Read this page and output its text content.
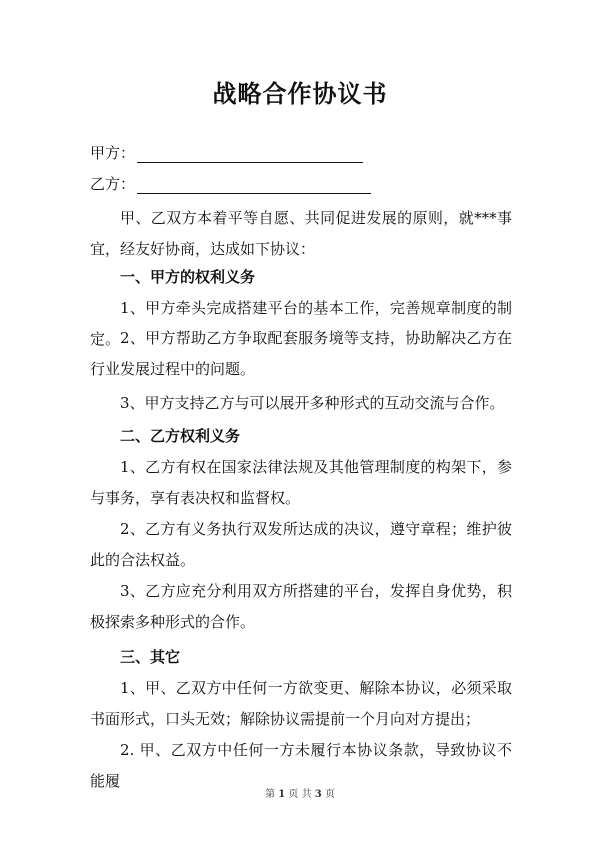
战略合作协议书
甲方：
乙方：

甲、乙双方本着平等自愿、共同促进发展的原则，就***事宜，经友好协商，达成如下协议：

一、甲方的权利义务

1、甲方牵头完成搭建平台的基本工作，完善规章制度的制定。 2、甲方帮助乙方争取配套服务境等支持，协助解决乙方在行业发展过程中的问题。

3、甲方支持乙方与可以展开多种形式的互动交流与合作。

二、乙方权利义务

1、乙方有权在国家法律法规及其他管理制度的构架下，参与事务，享有表决权和监督权。

2、乙方有义务执行双发所达成的决议，遵守章程；维护彼此的合法权益。

3、乙方应充分利用双方所搭建的平台，发挥自身优势，积极探索多种形式的合作。

三、其它

1、甲、乙双方中任何一方欲变更、解除本协议，必须采取书面形式，口头无效；解除协议需提前一个月向对方提出；

2. 甲、乙双方中任何一方未履行本协议条款，导致协议不能履

第 1 页 共 3 页
